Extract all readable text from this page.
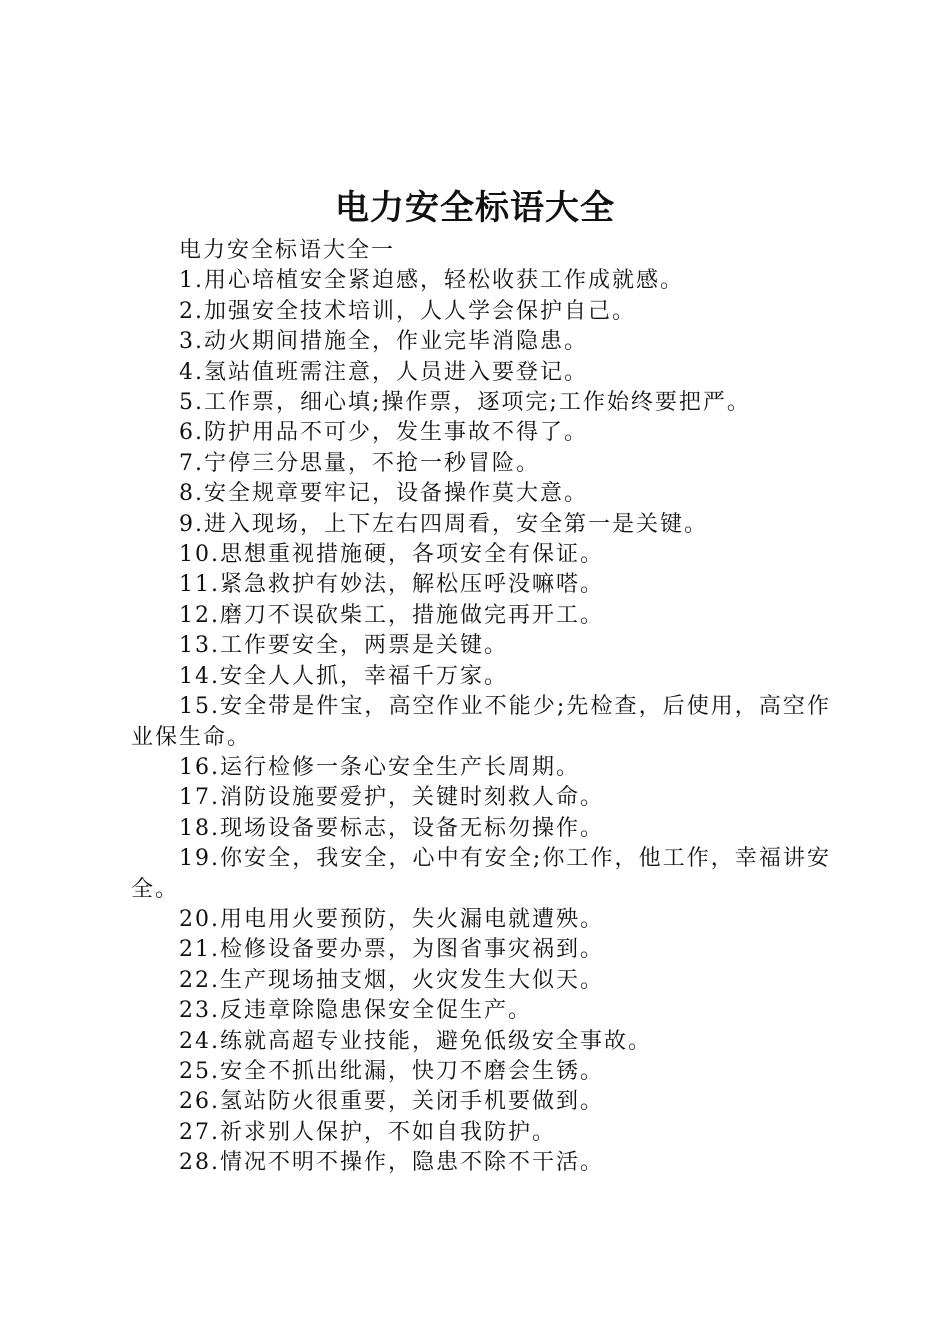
电力安全标语大全

电力安全标语大全一

1.用心培植安全紧迫感，轻松收获工作成就感。

2.加强安全技术培训，人人学会保护自己。

3.动火期间措施全，作业完毕消隐患。

4.氢站值班需注意，人员进入要登记。

5.工作票，细心填;操作票，逐项完;工作始终要把严。

6.防护用品不可少，发生事故不得了。

7.宁停三分思量，不抢一秒冒险。

8.安全规章要牢记，设备操作莫大意。

9.进入现场，上下左右四周看，安全第一是关键。

10.思想重视措施硬，各项安全有保证。

11.紧急救护有妙法，解松压呼没嘛嗒。

12.磨刀不误砍柴工，措施做完再开工。

13.工作要安全，两票是关键。

14.安全人人抓，幸福千万家。

15.安全带是件宝，高空作业不能少;先检查，后使用，高空作业保生命。

16.运行检修一条心安全生产长周期。

17.消防设施要爱护，关键时刻救人命。

18.现场设备要标志，设备无标勿操作。

19.你安全，我安全，心中有安全;你工作，他工作，幸福讲安全。

20.用电用火要预防，失火漏电就遭殃。

21.检修设备要办票，为图省事灾祸到。

22.生产现场抽支烟，火灾发生大似天。

23.反违章除隐患保安全促生产。

24.练就高超专业技能，避免低级安全事故。

25.安全不抓出纰漏，快刀不磨会生锈。

26.氢站防火很重要，关闭手机要做到。

27.祈求别人保护，不如自我防护。

28.情况不明不操作，隐患不除不干活。
